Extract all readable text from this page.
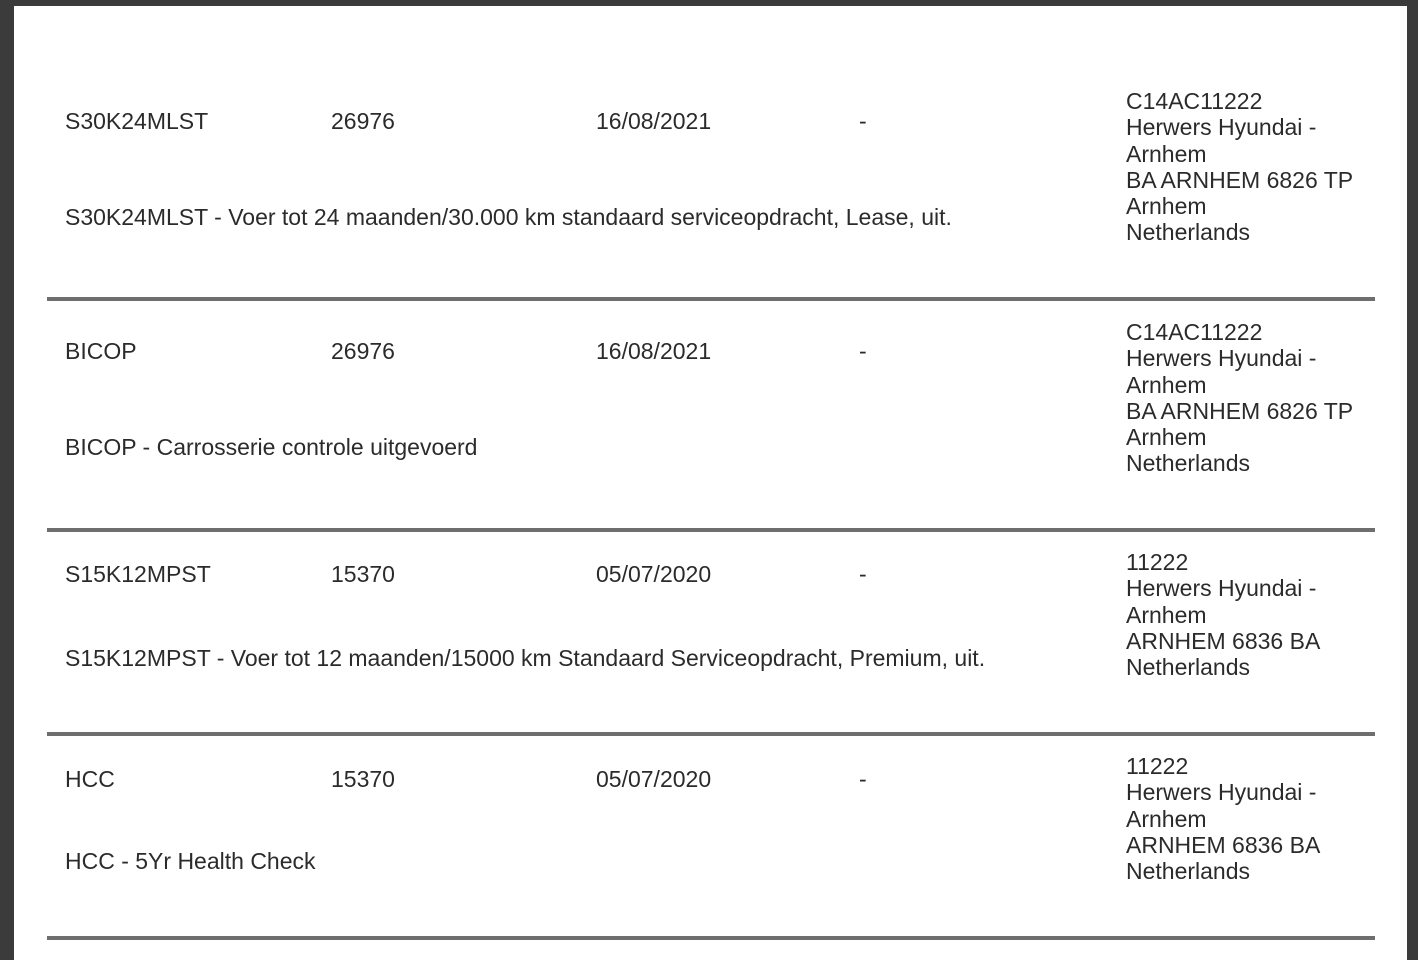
S30K24MLST	26976	16/08/2021	-
S30K24MLST - Voer tot 24 maanden/30.000 km standaard serviceopdracht, Lease, uit.
C14AC11222
Herwers Hyundai -
Arnhem
BA ARNHEM 6826 TP
Arnhem
Netherlands
BICOP	26976	16/08/2021	-
BICOP - Carrosserie controle uitgevoerd
C14AC11222
Herwers Hyundai -
Arnhem
BA ARNHEM 6826 TP
Arnhem
Netherlands
S15K12MPST	15370	05/07/2020	-
S15K12MPST - Voer tot 12 maanden/15000 km Standaard Serviceopdracht, Premium, uit.
11222
Herwers Hyundai -
Arnhem
ARNHEM 6836 BA
Netherlands
HCC	15370	05/07/2020	-
HCC - 5Yr Health Check
11222
Herwers Hyundai -
Arnhem
ARNHEM 6836 BA
Netherlands
